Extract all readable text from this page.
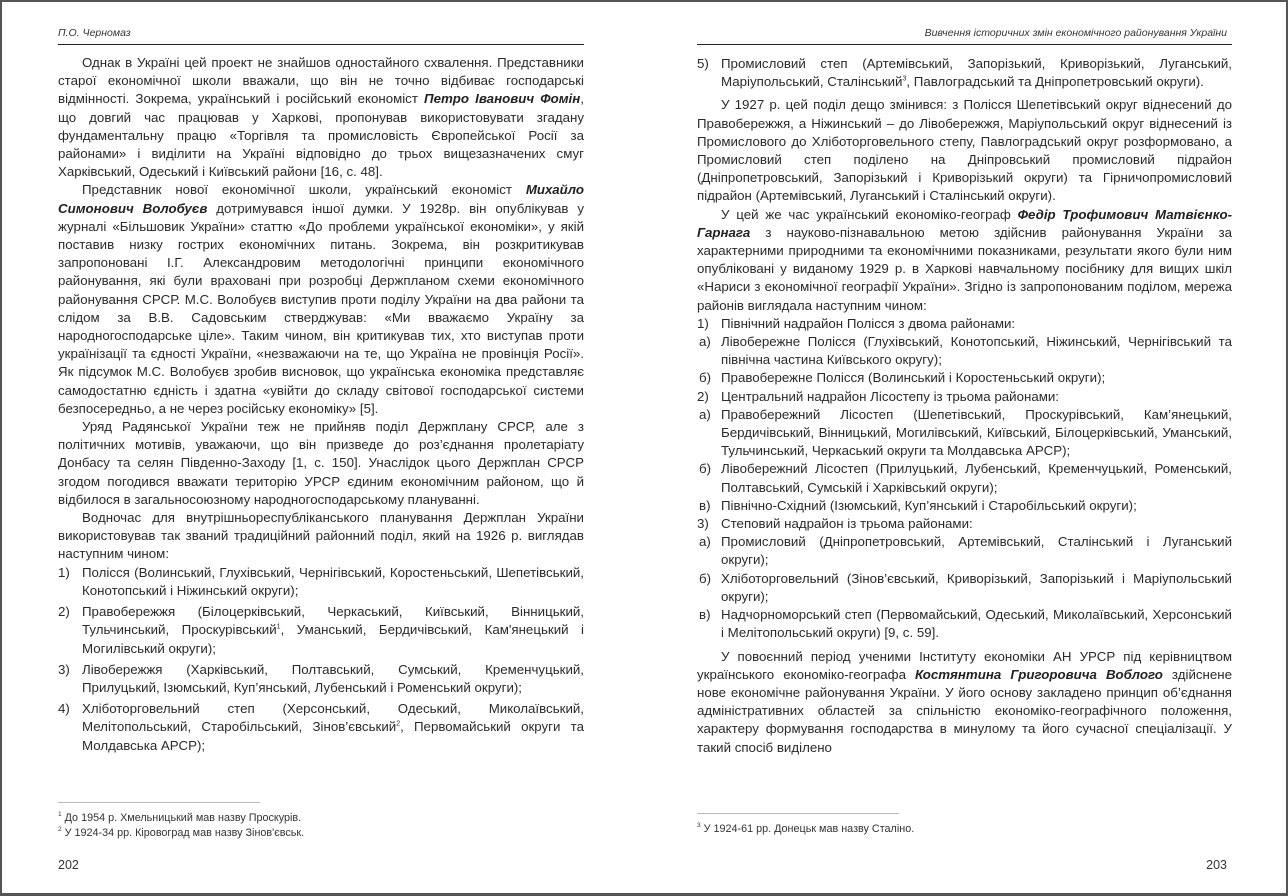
П.О. Черномаз

Однак в Україні цей проект не знайшов одностайного схвалення. Представники старої економічної школи вважали, що він не точно відбиває господарські відмінності. Зокрема, український і російський економіст Петро Іванович Фомін, що довгий час працював у Харкові, пропонував використовувати згадану фундаментальну працю «Торгівля та промисловість Європейської Росії за районами» і виділити на Україні відповідно до трьох вищезазначених смуг Харківський, Одеський і Київський райони [16, с. 48].

Представник нової економічної школи, український економіст Михайло Симонович Волобуєв дотримувався іншої думки. У 1928р. він опублікував у журналі «Більшовик України» статтю «До проблеми української економіки», у якій поставив низку гострих економічних питань. Зокрема, він розкритикував запропоновані І.Г. Александровим методологічні принципи економічного районування, які були враховані при розробці Держпланом схеми економічного районування СРСР. М.С. Волобуєв виступив проти поділу України на два райони та слідом за В.В. Садовським стверджував: «Ми вважаємо Україну за народногосподарське ціле». Таким чином, він критикував тих, хто виступав проти українізації та єдності України, «незважаючи на те, що Україна не провінція Росії». Як підсумок М.С. Волобуєв зробив висновок, що українська економіка представляє самодостатню єдність і здатна «увійти до складу світової господарської системи безпосередньо, а не через російську економіку» [5].

Уряд Радянської України теж не прийняв поділ Держплану СРСР, але з політичних мотивів, уважаючи, що він призведе до роз’єднання пролетаріату Донбасу та селян Південно-Заходу [1, с. 150]. Унаслідок цього Держплан СРСР згодом погодився вважати територію УРСР єдиним економічним районом, що й відбилося в загальносоюзному народногосподарському плануванні.

Водночас для внутрішньореспубліканського планування Держплан України використовував так званий традиційний районний поділ, який на 1926 р. виглядав наступним чином:

1) Полісся (Волинський, Глухівський, Чернігівський, Коростеньський, Шепетівський, Конотопський і Ніжинський округи);
2) Правобережжя (Білоцерківський, Черкаський, Київський, Вінницький, Тульчинський, Проскурівський$^1$, Уманський, Бердичівський, Кам'янецький і Могилівський округи);
3) Лівобережжя (Харківський, Полтавський, Сумський, Кременчуцький, Прилуцький, Ізюмський, Куп’янський, Лубенський і Роменський округи);
4) Хліботорговельний степ (Херсонський, Одеський, Миколаївський, Мелітопольський, Старобільський, Зінов’євський$^2$, Первомайський округи та Молдавська АРСР);
$^1$ До 1954 р. Хмельницький мав назву Проскурів.
$^2$ У 1924-34 рр. Кіровоград мав назву Зінов'євськ.
202
Вивчення історичних змін економічного районування України
5) Промисловий степ (Артемівський, Запорізький, Криворізький, Луганський, Маріупольський, Сталінський$^3$, Павлоградський та Дніпропетровський округи).

У 1927 р. цей поділ дещо змінився: з Полісся Шепетівський округ віднесений до Правобережжя, а Ніжинський – до Лівобережжя, Маріупольський округ віднесений із Промислового до Хліботорговельного степу, Павлоградський округ розформовано, а Промисловий степ поділено на Дніпровський промисловий підрайон (Дніпропетровський, Запорізький і Криворізький округи) та Гірничопромисловий підрайон (Артемівський, Луганський і Сталінський округи).

У цей же час український економіко-географ Федір Трофимович Матвієнко-Гарнага з науково-пізнавальною метою здійснив районування України за характерними природними та економічними показниками, результати якого були ним опубліковані у виданому 1929 р. в Харкові навчальному посібнику для вищих шкіл «Нариси з економічної географії України». Згідно із запропонованим поділом, мережа районів виглядала наступним чином:

1) Північний надрайон Полісся з двома районами:
а) Лівобережне Полісся (Глухівський, Конотопський, Ніжинський, Чернігівський та північна частина Київського округу);
б) Правобережне Полісся (Волинський і Коростеньський округи);
2) Центральний надрайон Лісостепу із трьома районами:
а) Правобережний Лісостеп (Шепетівський, Проскурівський, Кам’янецький, Бердичівський, Вінницький, Могилівський, Київський, Білоцерківський, Уманський, Тульчинський, Черкаський округи та Молдавська АРСР);
б) Лівобережний Лісостеп (Прилуцький, Лубенський, Кременчуцький, Роменський, Полтавський, Сумській і Харківський округи);
в) Північно-Східний (Ізюмський, Куп’янський і Старобільський округи);
3) Степовий надрайон із трьома районами:
а) Промисловий (Дніпропетровський, Артемівський, Сталінський і Луганський округи);
б) Хліботорговельний (Зінов’євський, Криворізький, Запорізький і Маріупольський округи);
в) Надчорноморський степ (Первомайський, Одеський, Миколаївський, Херсонський і Мелітопольський округи) [9, с. 59].

У повоєнний період ученими Інституту економіки АН УРСР під керівництвом українського економіко-географа Костянтина Григоровича Воблого здійснене нове економічне районування України. У його основу закладено принцип об’єднання адміністративних областей за спільністю економіко-географічного положення, характеру формування господарства в минулому та його сучасної спеціалізації. У такий спосіб виділено

$^3$ У 1924-61 рр. Донецьк мав назву Сталіно.
203
